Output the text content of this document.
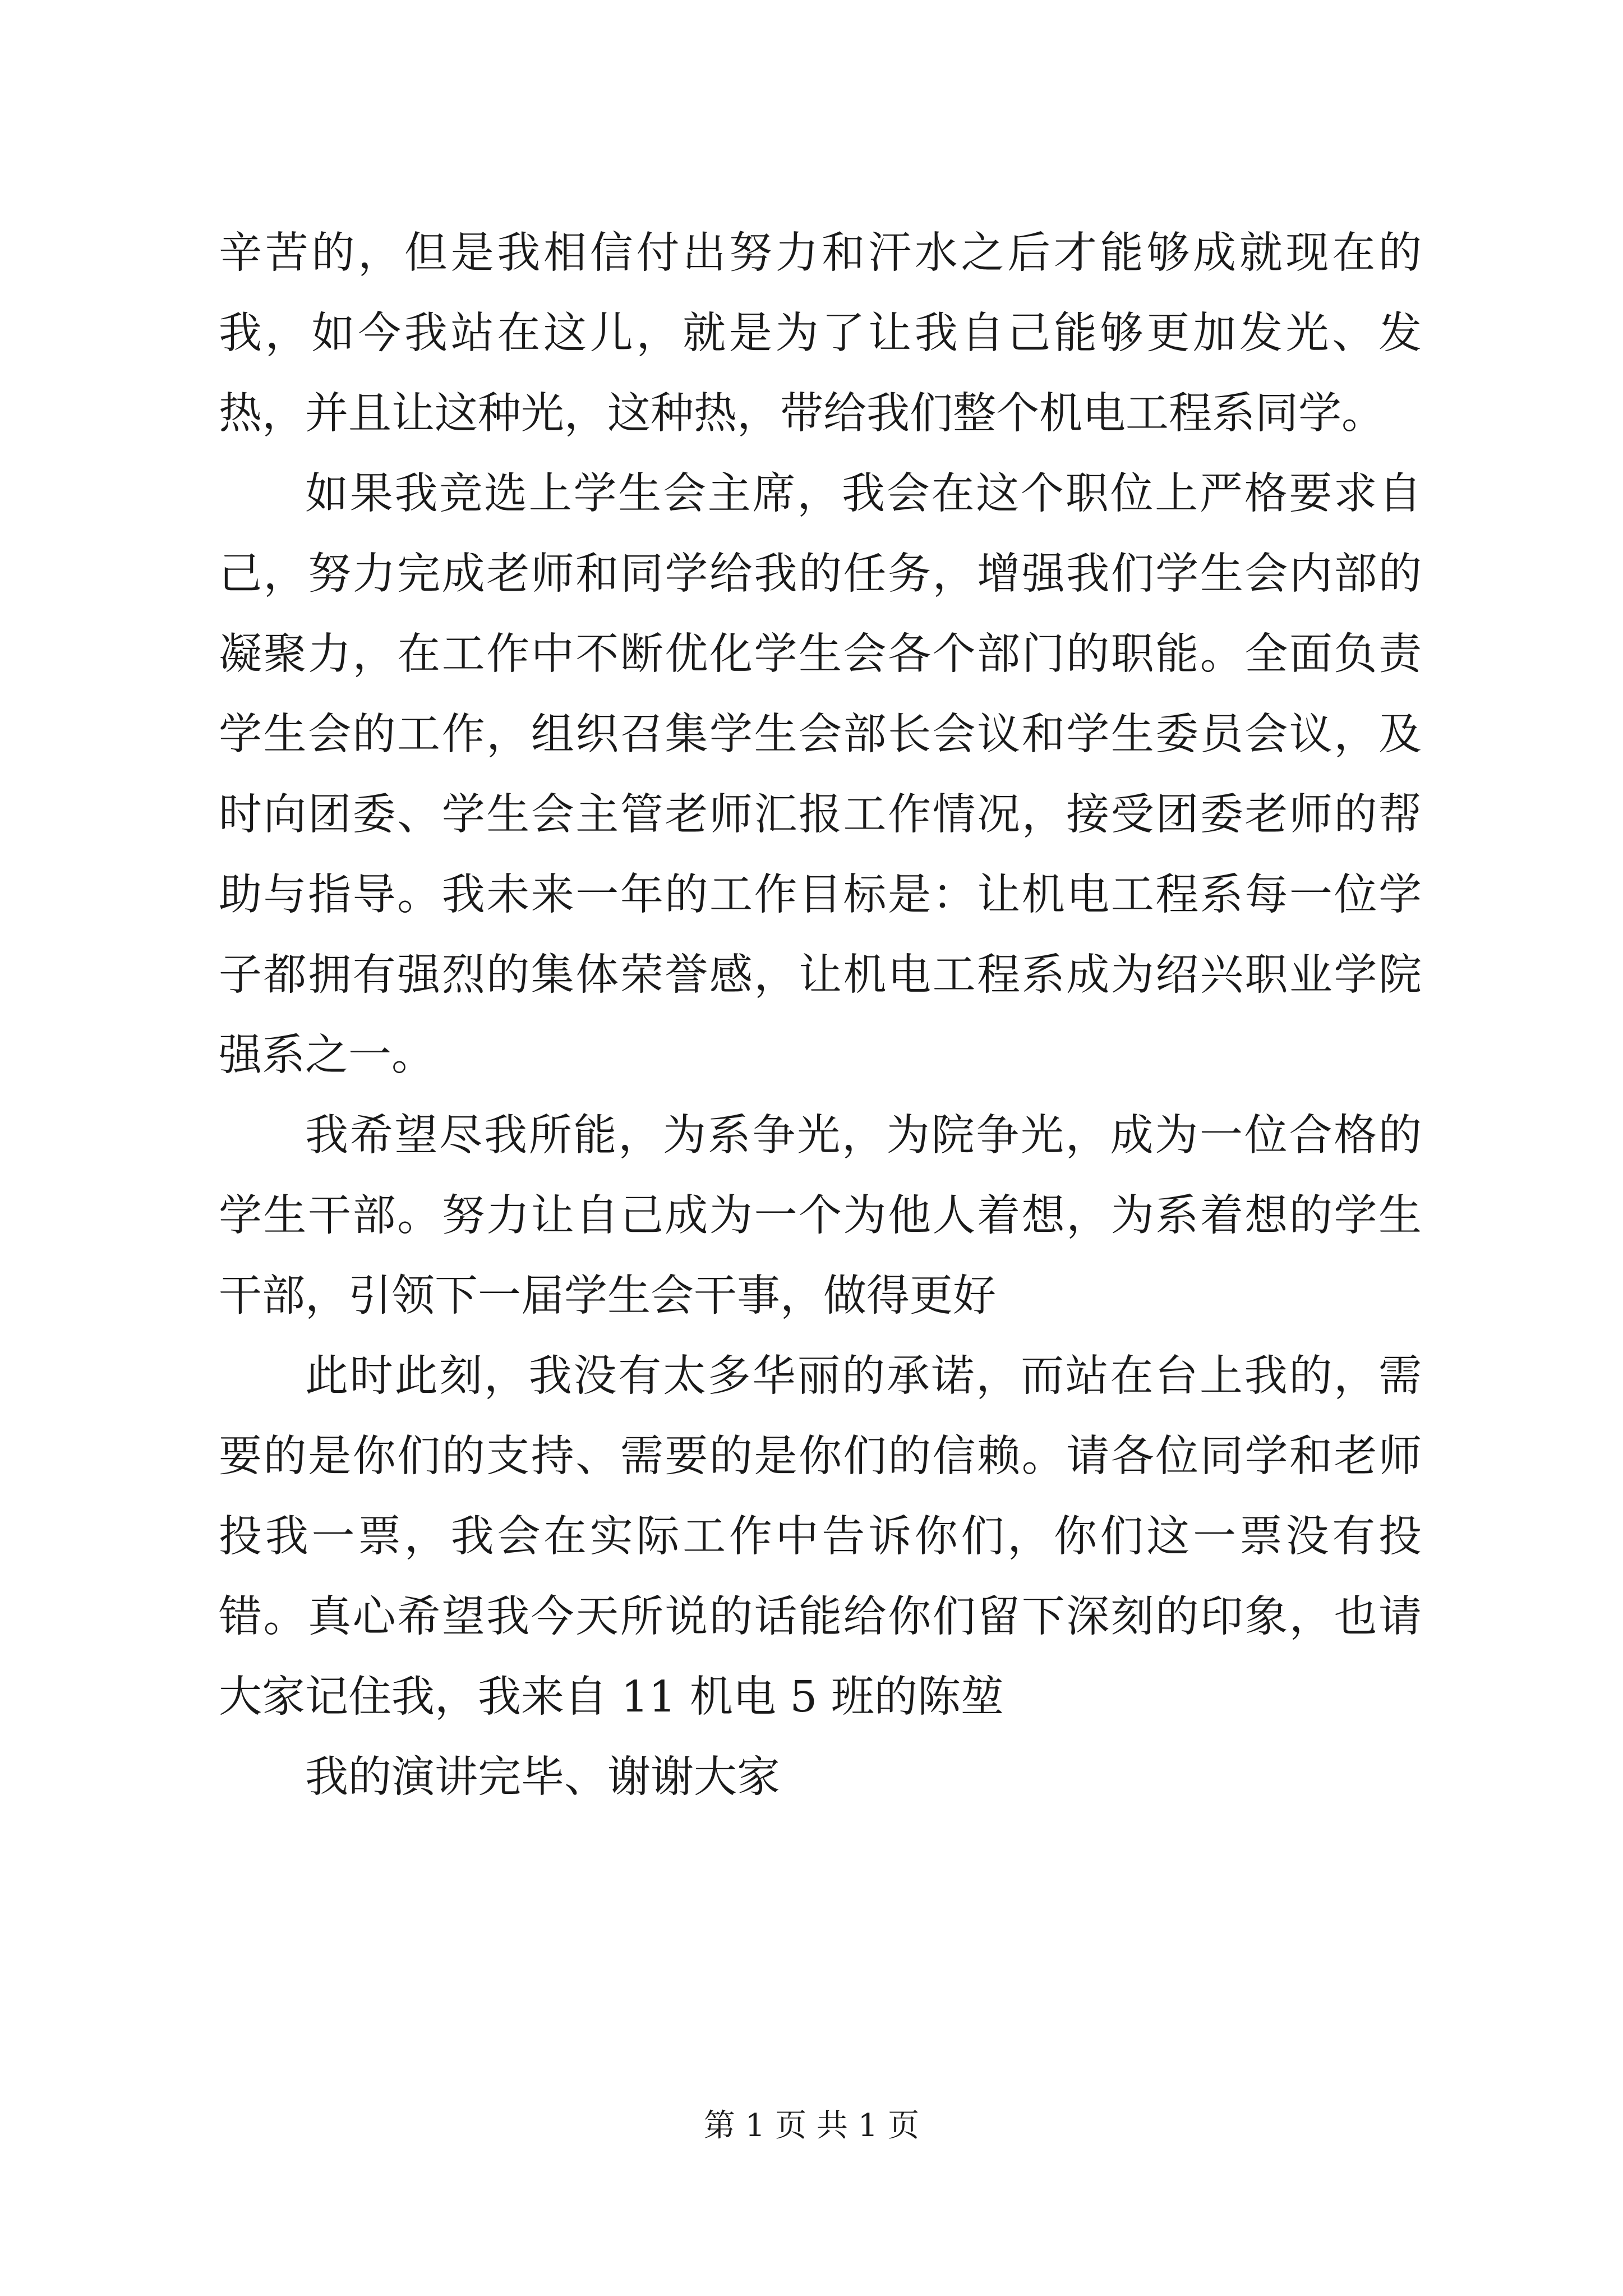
辛苦的，但是我相信付出努力和汗水之后才能够成就现在的我，如今我站在这儿，就是为了让我自己能够更加发光、发热，并且让这种光，这种热，带给我们整个机电工程系同学。

如果我竞选上学生会主席，我会在这个职位上严格要求自己，努力完成老师和同学给我的任务，增强我们学生会内部的凝聚力，在工作中不断优化学生会各个部门的职能。全面负责学生会的工作，组织召集学生会部长会议和学生委员会议，及时向团委、学生会主管老师汇报工作情况，接受团委老师的帮助与指导。我未来一年的工作目标是：让机电工程系每一位学子都拥有强烈的集体荣誉感，让机电工程系成为绍兴职业学院强系之一。

我希望尽我所能，为系争光，为院争光，成为一位合格的学生干部。努力让自己成为一个为他人着想，为系着想的学生干部，引领下一届学生会干事，做得更好

此时此刻，我没有太多华丽的承诺，而站在台上我的，需要的是你们的支持、需要的是你们的信赖。请各位同学和老师投我一票，我会在实际工作中告诉你们，你们这一票没有投错。真心希望我今天所说的话能给你们留下深刻的印象，也请大家记住我，我来自 11 机电 5 班的陈堃

我的演讲完毕、谢谢大家

第 1 页 共 1 页
